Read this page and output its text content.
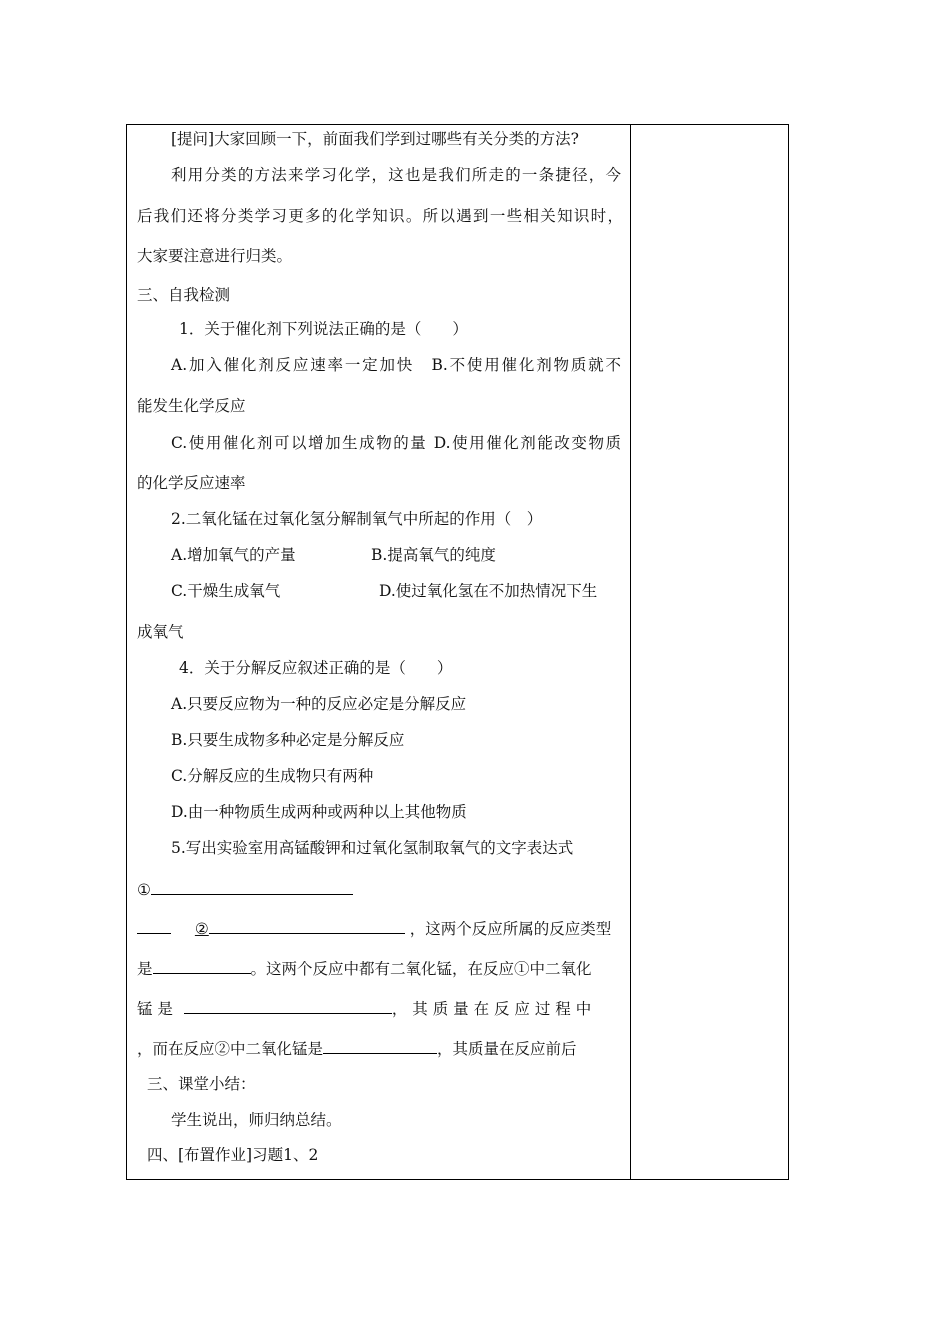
[提问]大家回顾一下，前面我们学到过哪些有关分类的方法?
利用分类的方法来学习化学，这也是我们所走的一条捷径，今
后我们还将分类学习更多的化学知识。所以遇到一些相关知识时，
大家要注意进行归类。
三、自我检测
1．关于催化剂下列说法正确的是（　　）
A.加入催化剂反应速率一定加快　B.不使用催化剂物质就不
能发生化学反应
C.使用催化剂可以增加生成物的量 D.使用催化剂能改变物质
的化学反应速率
2.二氧化锰在过氧化氢分解制氧气中所起的作用（　）
A.增加氧气的产量	B.提高氧气的纯度
C.干燥生成氧气	D.使过氧化氢在不加热情况下生
成氧气
4．关于分解反应叙述正确的是（　　）
A.只要反应物为一种的反应必定是分解反应
B.只要生成物多种必定是分解反应
C.分解反应的生成物只有两种
D.由一种物质生成两种或两种以上其他物质
5.写出实验室用高锰酸钾和过氧化氢制取氧气的文字表达式
①
②	，这两个反应所属的反应类型
是	。这两个反应中都有二氧化锰，在反应①中二氧化
锰 是	， 其 质 量 在 反 应 过 程 中
，而在反应②中二氧化锰是	，其质量在反应前后
三、课堂小结：
学生说出，师归纳总结。
四、[布置作业]习题1、2
